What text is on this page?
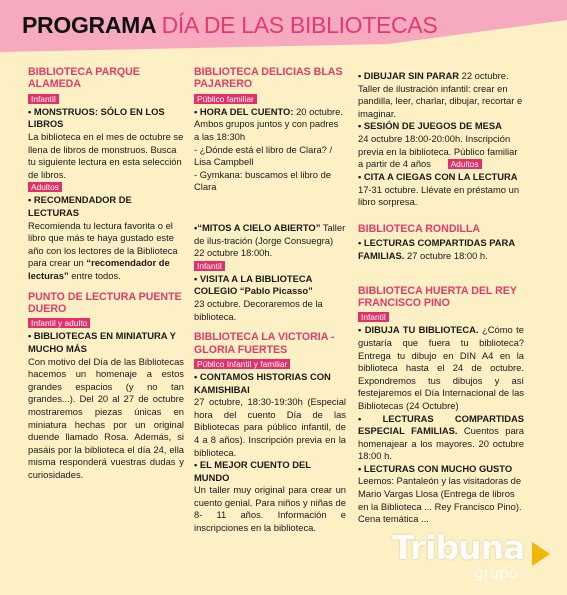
PROGRAMA DÍA DE LAS BIBLIOTECAS

BIBLIOTECA PARQUE ALAMEDA

Infantil

• MONSTRUOS: SÓLO EN LOS LIBROS

La biblioteca en el mes de octubre se llena de libros de monstruos. Busca tu siguiente lectura en esta selección de libros.

Adultos

• RECOMENDADOR DE LECTURAS

Recomienda tu lectura favorita o el libro que más te haya gustado este año con los lectores de la Biblioteca para crear un “recomendador de lecturas” entre todos.

PUNTO DE LECTURA PUENTE DUERO

Infantil y adulto

• BIBLIOTECAS EN MINIATURA Y MUCHO MÁS

Con motivo del Día de las Bibliotecas hacemos un homenaje a estos grandes espacios (y no tan grandes...). Del 20 al 27 de octubre mostraremos piezas únicas en miniatura hechas por un original duende llamado Rosa. Además, si pasáis por la biblioteca el día 24, ella misma responderá vuestras dudas y curiosidades.

BIBLIOTECA DELICIAS BLAS PAJARERO

Público familiar

• HORA DEL CUENTO: 20 octubre. Ambos grupos juntos y con padres a las 18:30h

- ¿Dónde está el libro de Clara? / Lisa Campbell

- Gymkana: buscamos el libro de Clara

•“MITOS A CIELO ABIERTO” Taller de ilus-tración (Jorge Consuegra) 22 octubre 18:00h.

Infantil

• VISITA A LA BIBLIOTECA COLEGIO “Pablo Picasso”

23 octubre. Decoraremos de la biblioteca.

BIBLIOTECA LA VICTORIA - GLORIA FUERTES

Público Infantil y familiar

• CONTAMOS HISTORIAS CON KAMISHIBAI

27 octubre, 18:30-19:30h (Especial hora del cuento Día de las Bibliotecas para público infantil, de 4 a 8 años). Inscripción previa en la biblioteca.

• EL MEJOR CUENTO DEL MUNDO

Un taller muy original para crear un cuento genial. Para niños y niñas de 8- 11 años. Información e inscripciones en la biblioteca.

• DIBUJAR SIN PARAR 22 octubre.

Taller de ilustración infantil: crear en pandilla, leer, charlar, dibujar, recortar e imaginar.

• SESIÓN DE JUEGOS DE MESA

24 octubre 18:00-20:00h. Inscripción previa en la biblioteca. Público familiar a partir de 4 años Adultos

• CITA A CIEGAS CON LA LECTURA

17-31 octubre. Llévate en préstamo un libro sorpresa.

BIBLIOTECA RONDILLA

• LECTURAS COMPARTIDAS PARA FAMILIAS. 27 octubre 18:00 h.

BIBLIOTECA HUERTA DEL REY FRANCISCO PINO

Infantil

• DIBUJA TU BIBLIOTECA. ¿Cómo te gustaría que fuera tu biblioteca? Entrega tu dibujo en DIN A4 en la biblioteca hasta el 24 de octubre. Expondremos tus dibujos y así festejaremos el Día Internacional de las Bibliotecas (24 Octubre)

• LECTURAS COMPARTIDAS ESPECIAL FAMILIAS. Cuentos para homenajear a los mayores. 20 octubre 18:00 h.

• LECTURAS CON MUCHO GUSTO

Leemos: Pantaleón y las visitadoras de Mario Vargas Llosa (Entrega de libros en la Biblioteca ... Rey Francisco Pino). Cena temática ...

Tribuna
grupo
